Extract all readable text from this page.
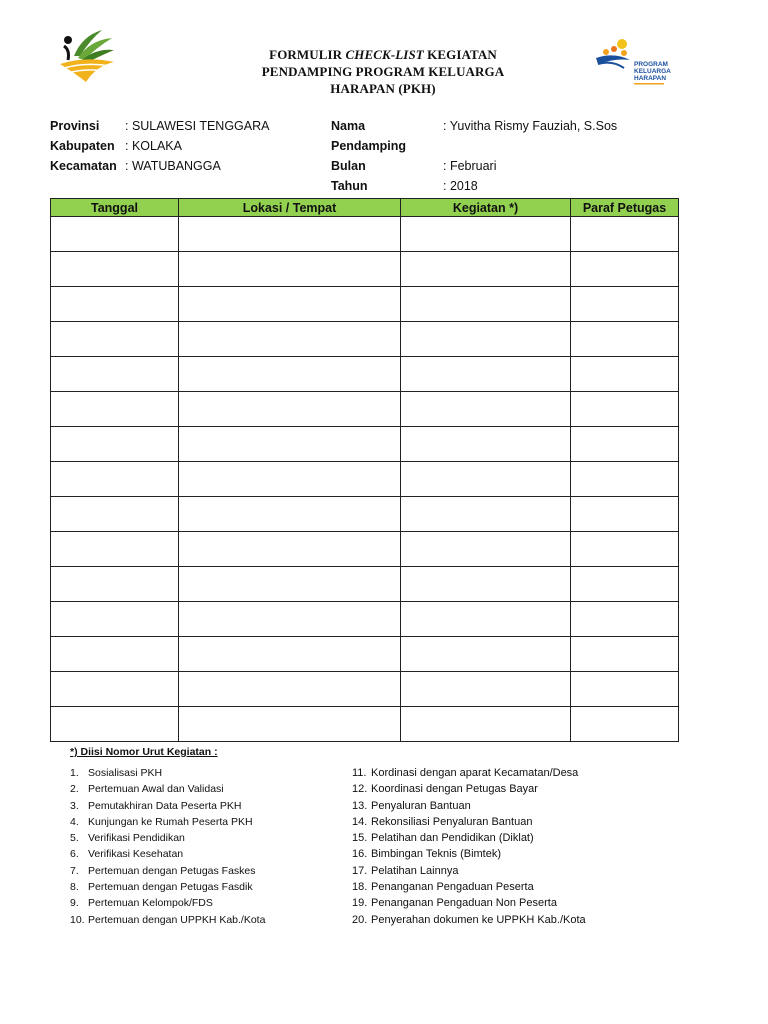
FORMULIR CHECK-LIST KEGIATAN
PENDAMPING PROGRAM KELUARGA
HARAPAN (PKH)
PROGRAM
KELUARGA
HARAPAN
Provinsi	: SULAWESI TENGGARA
Kabupaten : KOLAKA
Kecamatan : WATUBANGGA
Nama Pendamping
: Yuvitha Rismy Fauziah, S.Sos
Bulan	: Februari
Tahun	: 2018
Tanggal	Lokasi / Tempat	Kegiatan *)	Paraf Petugas

*) Diisi Nomor Urut Kegiatan :
1. Sosialisasi PKH
2. Pertemuan Awal dan Validasi
3. Pemutakhiran Data Peserta PKH
4. Kunjungan ke Rumah Peserta PKH
5. Verifikasi Pendidikan
6. Verifikasi Kesehatan
7. Pertemuan dengan Petugas Faskes
8. Pertemuan dengan Petugas Fasdik
9. Pertemuan Kelompok/FDS
10. Pertemuan dengan UPPKH Kab./Kota
11. Kordinasi dengan aparat Kecamatan/Desa
12. Koordinasi dengan Petugas Bayar
13. Penyaluran Bantuan
14. Rekonsiliasi Penyaluran Bantuan
15. Pelatihan dan Pendidikan (Diklat)
16. Bimbingan Teknis (Bimtek)
17. Pelatihan Lainnya
18. Penanganan Pengaduan Peserta
19. Penanganan Pengaduan Non Peserta
20. Penyerahan dokumen ke UPPKH Kab./Kota
